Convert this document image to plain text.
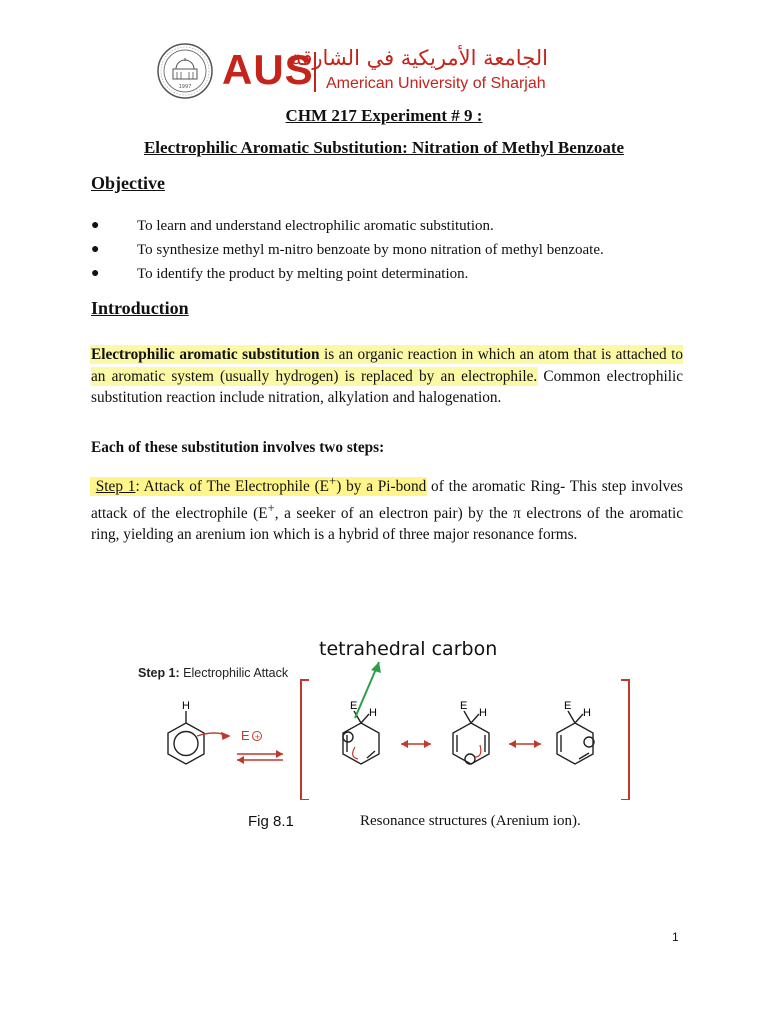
1997 AUS
الجامعة الأمريكية في الشارقة
American University of Sharjah
CHM 217 Experiment # 9 :
Electrophilic Aromatic Substitution: Nitration of Methyl Benzoate
Objective
●	To learn and understand electrophilic aromatic substitution.
●	To synthesize methyl m-nitro benzoate by mono nitration of methyl benzoate.
●	To identify the product by melting point determination.
Introduction
Electrophilic aromatic substitution is an organic reaction in which an atom that is attached to an aromatic system (usually hydrogen) is replaced by an electrophile. Common electrophilic substitution reaction include nitration, alkylation and halogenation.
Each of these substitution involves two steps:
Step 1: Attack of The Electrophile (E+) by a Pi-bond of the aromatic Ring- This step involves attack of the electrophile (E+, a seeker of an electron pair) by the π electrons of the aromatic ring, yielding an arenium ion which is a hybrid of three major resonance forms.
tetrahedral carbon
Step 1: Electrophilic Attack
H
E +
E
H
E
H
E
H
Fig 8.1	Resonance structures (Arenium ion).
1
